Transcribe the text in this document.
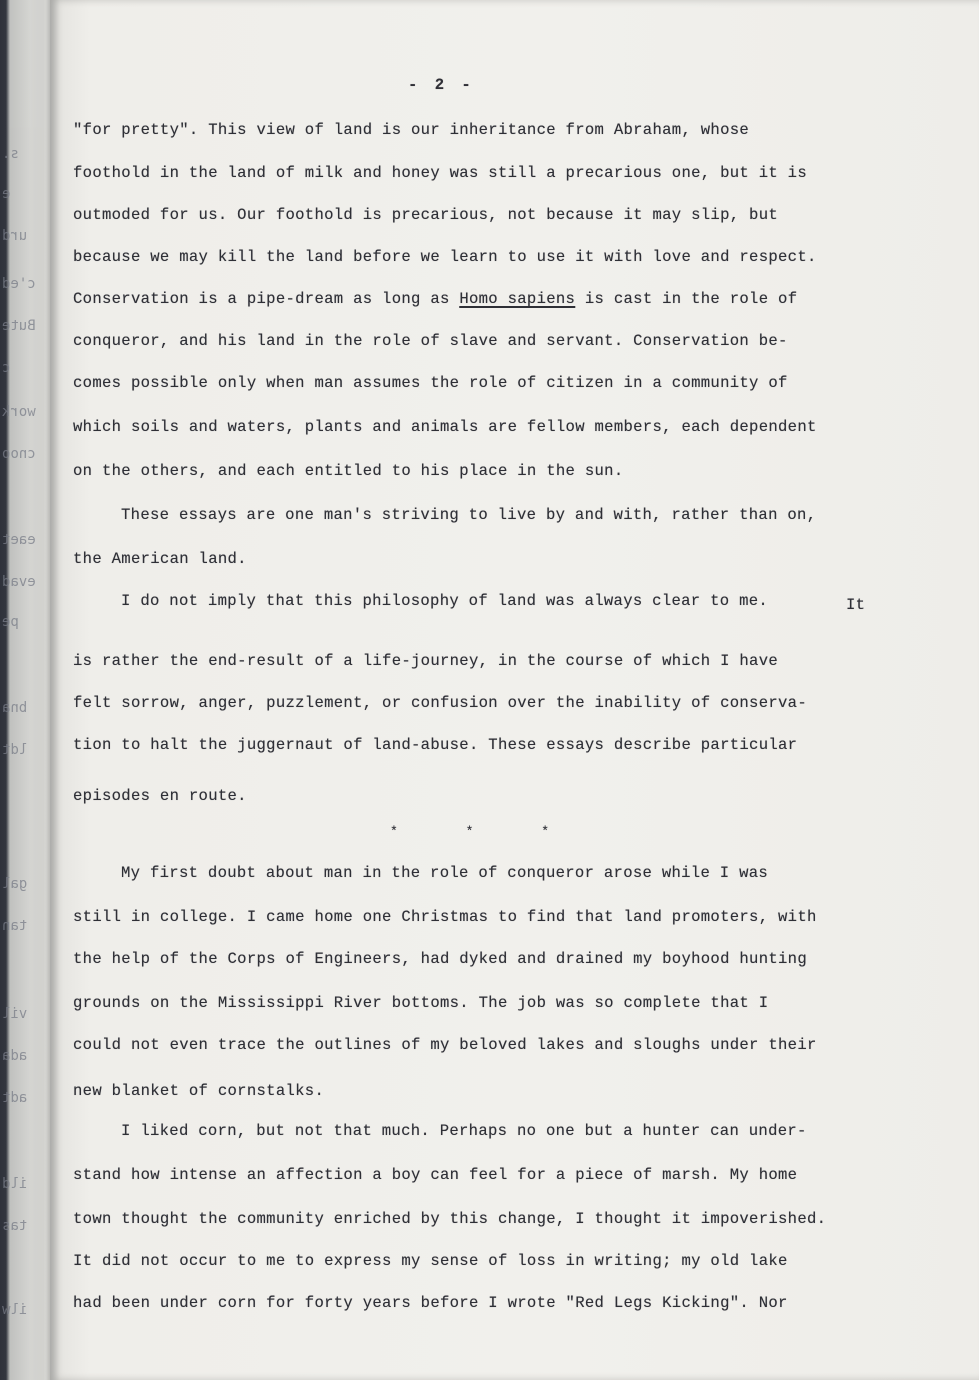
s.
e
urd
c'ed
Bute
c
work
cnoo
eaet
evad
pe
bna
ldt
gal
tan
vil
ada
adt
ild
tas
ilw

- 2 -

"for pretty". This view of land is our inheritance from Abraham, whose

foothold in the land of milk and honey was still a precarious one, but it is

outmoded for us. Our foothold is precarious, not because it may slip, but

because we may kill the land before we learn to use it with love and respect.

Conservation is a pipe-dream as long as Homo sapiens is cast in the role of

conqueror, and his land in the role of slave and servant. Conservation be-

comes possible only when man assumes the role of citizen in a community of

which soils and waters, plants and animals are fellow members, each dependent

on the others, and each entitled to his place in the sun.

These essays are one man's striving to live by and with, rather than on,

the American land.

I do not imply that this philosophy of land was always clear to me.	It

is rather the end-result of a life-journey, in the course of which I have

felt sorrow, anger, puzzlement, or confusion over the inability of conserva-

tion to halt the juggernaut of land-abuse. These essays describe particular

episodes en route.

* * *

My first doubt about man in the role of conqueror arose while I was

still in college. I came home one Christmas to find that land promoters, with

the help of the Corps of Engineers, had dyked and drained my boyhood hunting

grounds on the Mississippi River bottoms. The job was so complete that I

could not even trace the outlines of my beloved lakes and sloughs under their

new blanket of cornstalks.

I liked corn, but not that much. Perhaps no one but a hunter can under-

stand how intense an affection a boy can feel for a piece of marsh. My home

town thought the community enriched by this change, I thought it impoverished.

It did not occur to me to express my sense of loss in writing; my old lake

had been under corn for forty years before I wrote "Red Legs Kicking". Nor
